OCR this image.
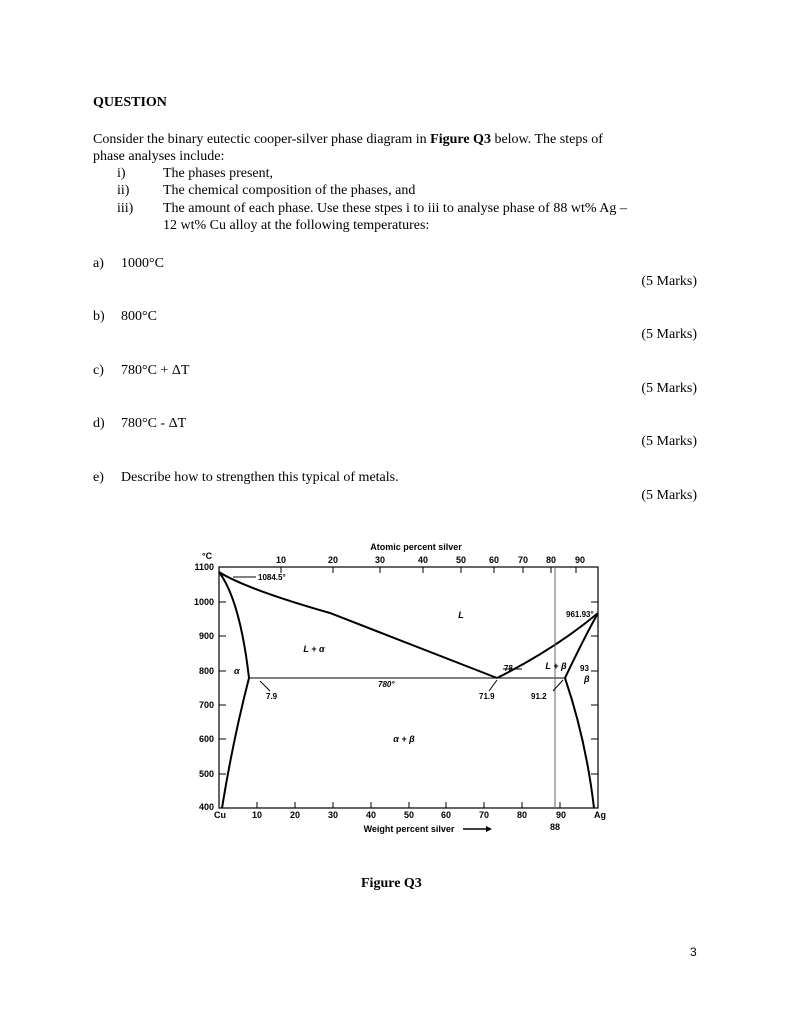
QUESTION
Consider the binary eutectic cooper-silver phase diagram in Figure Q3 below. The steps of
phase analyses include:
i)	The phases present,
ii) The chemical composition of the phases, and
iii) The amount of each phase. Use these stpes i to iii to analyse phase of 88 wt% Ag –
12 wt% Cu alloy at the following temperatures:
a) 1000°C
(5 Marks)
b) 800°C
(5 Marks)
c) 780°C + ΔT
(5 Marks)
d) 780°C - ΔT
(5 Marks)
e) Describe how to strengthen this typical of metals.
(5 Marks)
1100
1000
900
800
700
600
500
400
°C
Cu	10	20	30	40	50	60	70	80	90	Ag
88
Weight percent silver
10	20	30	40	50	60 70 80 90
Atomic percent silver
L
L + α
α
α + β
β
L + β
1084.5°
961.93°
780°
7.9	71.9	91.2
78	93
Figure Q3
3
